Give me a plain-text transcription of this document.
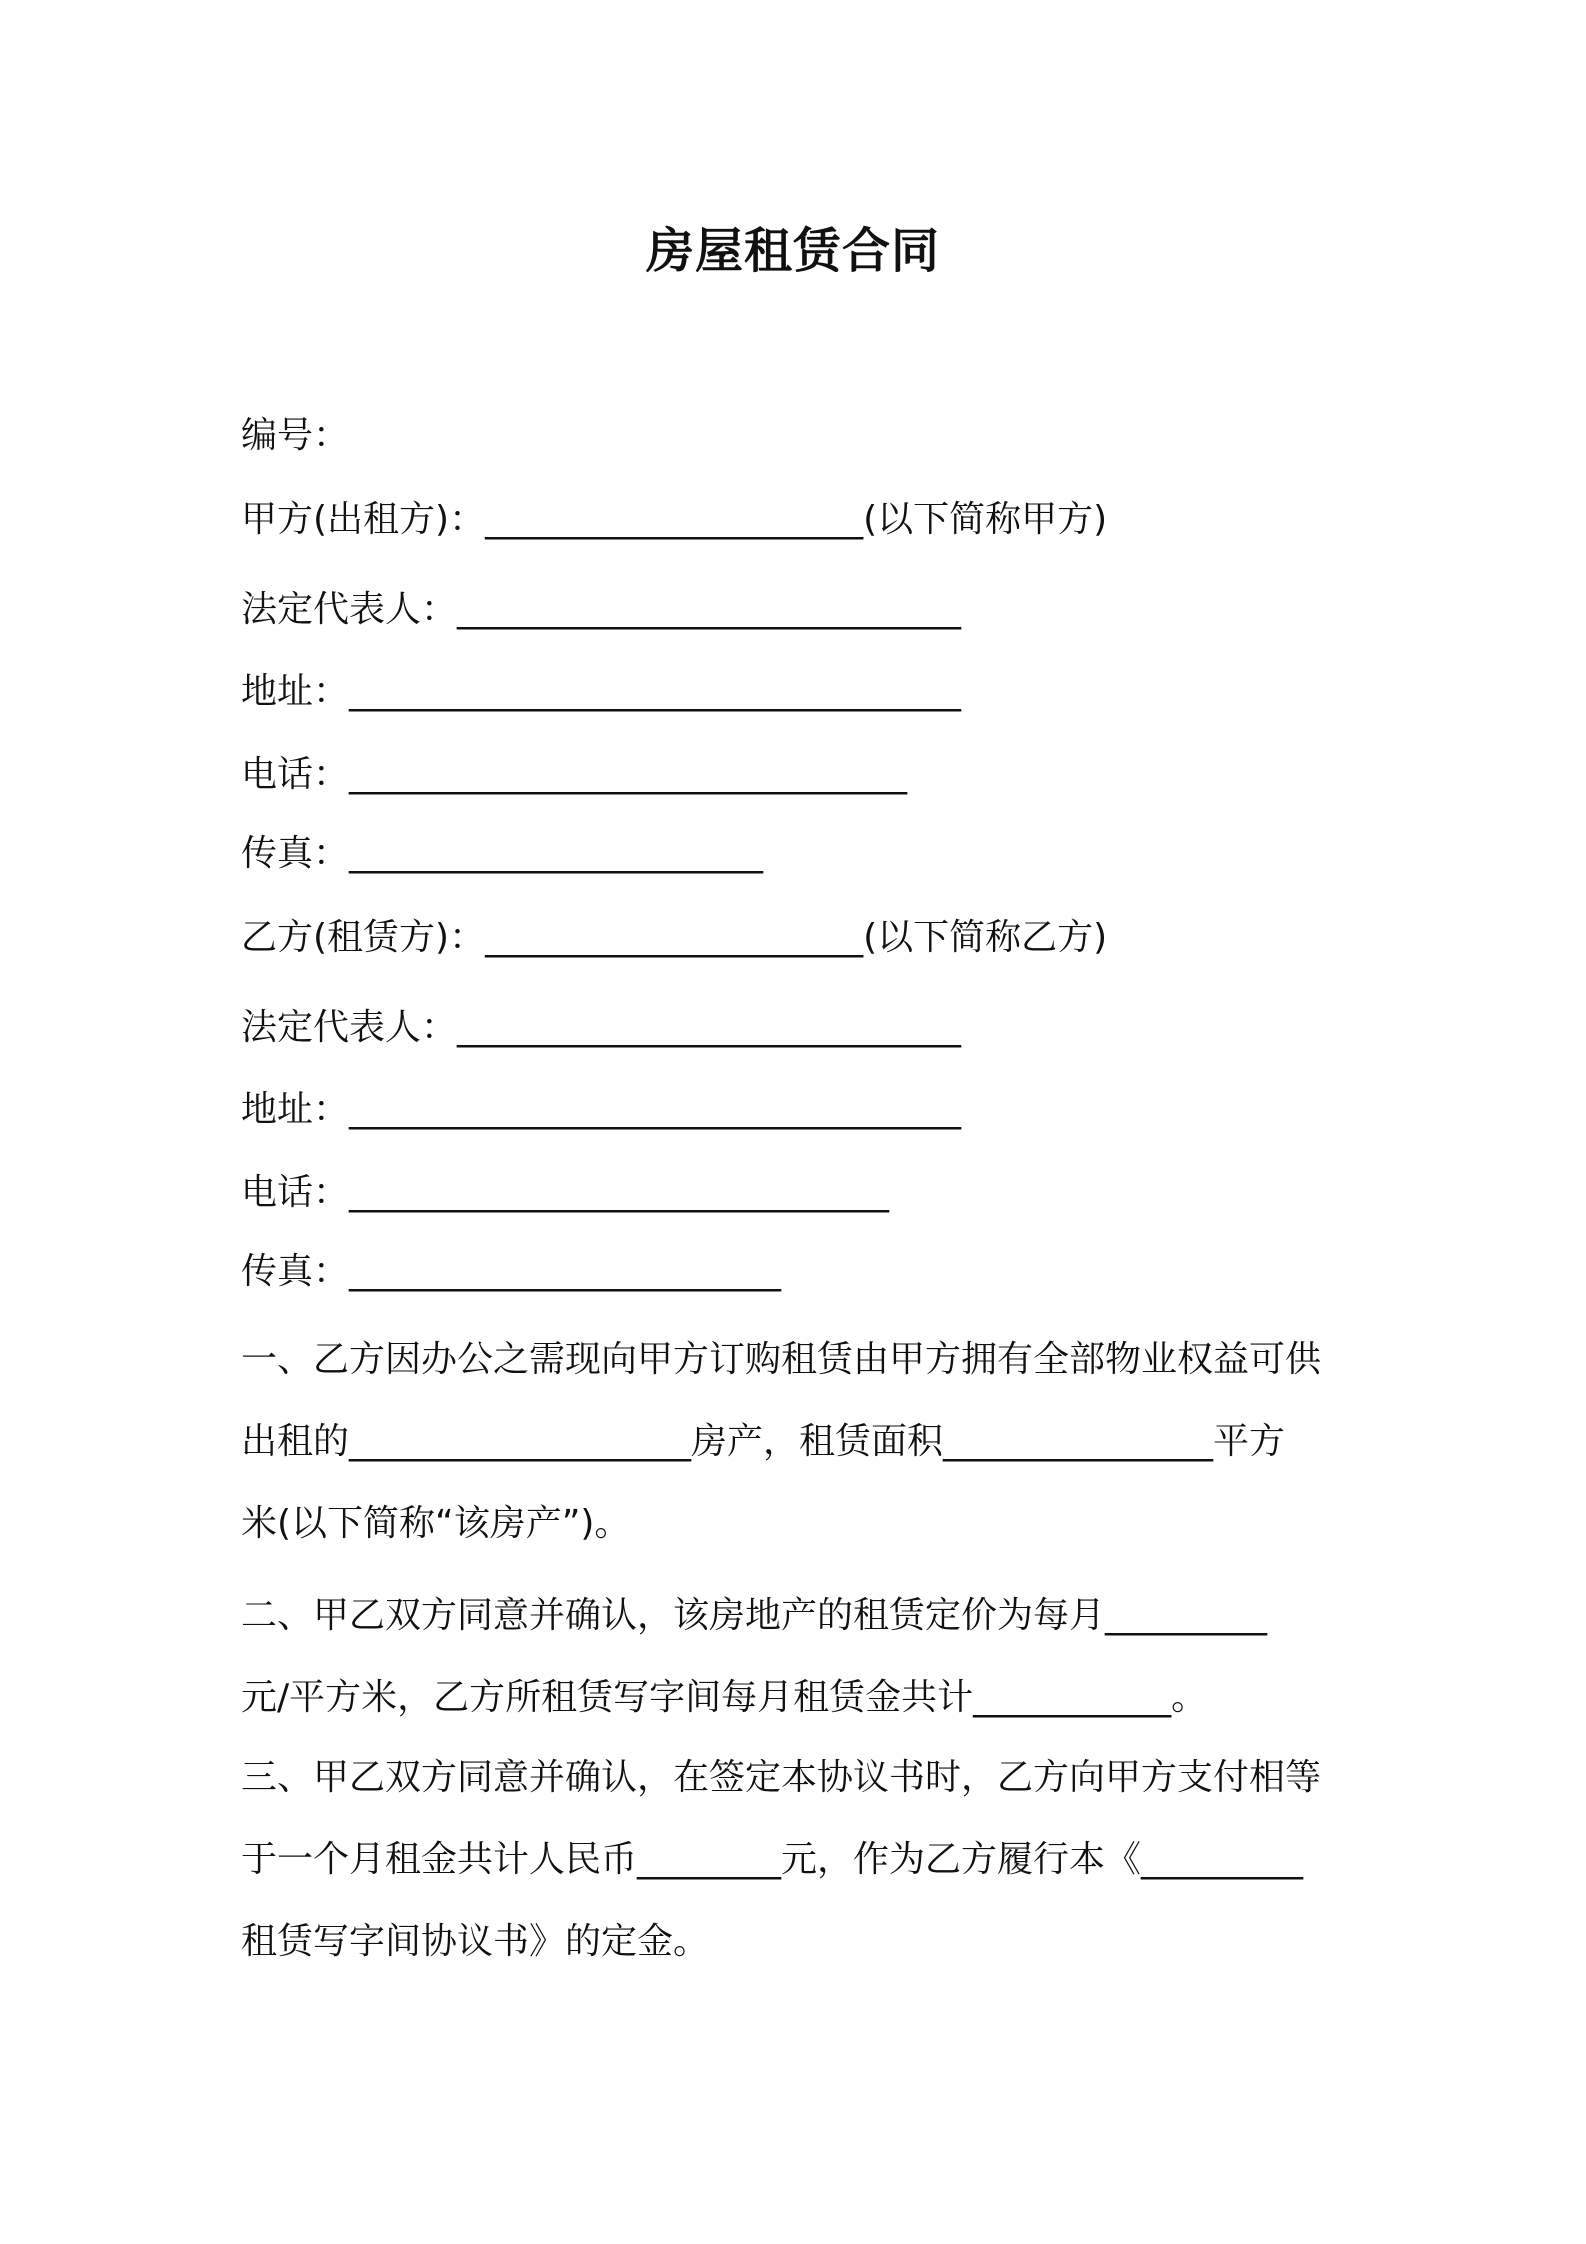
房屋租赁合同
编号：
甲方(出租方)：_____________________(以下简称甲方)
法定代表人：____________________________
地址：__________________________________
电话：_______________________________
传真：_______________________
乙方(租赁方)：_____________________(以下简称乙方)
法定代表人：____________________________
地址：__________________________________
电话：______________________________
传真：________________________
一、乙方因办公之需现向甲方订购租赁由甲方拥有全部物业权益可供
出租的___________________房产，租赁面积_______________平方
米(以下简称“该房产”)。
二、甲乙双方同意并确认，该房地产的租赁定价为每月_________
元/平方米，乙方所租赁写字间每月租赁金共计___________。
三、甲乙双方同意并确认，在签定本协议书时，乙方向甲方支付相等
于一个月租金共计人民币________元，作为乙方履行本《_________
租赁写字间协议书》的定金。
